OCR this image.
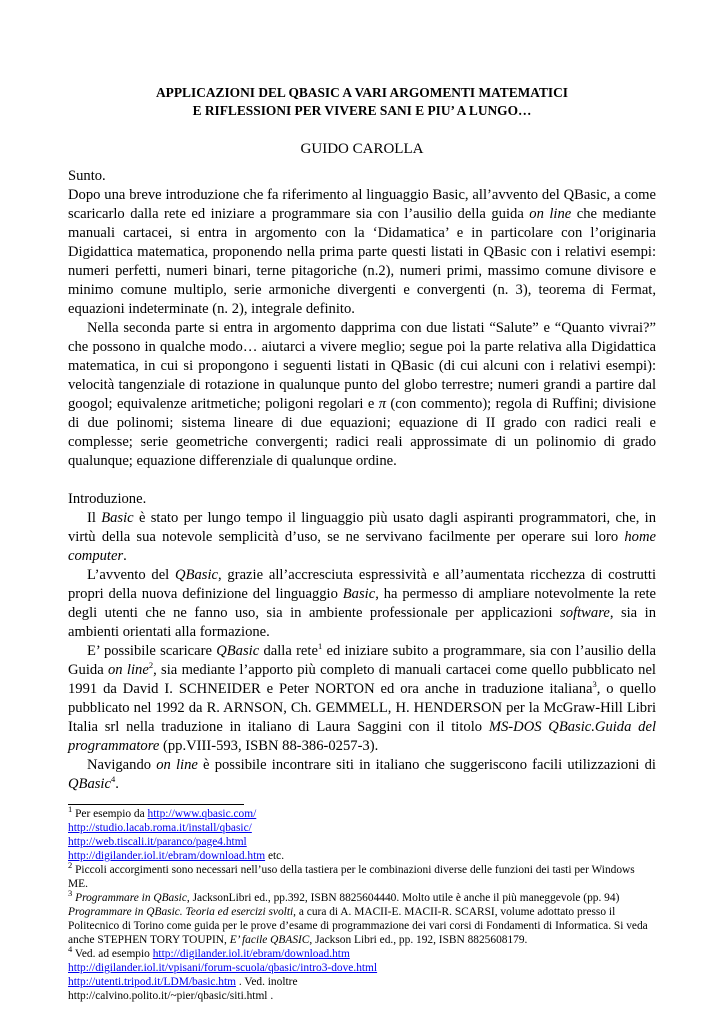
APPLICAZIONI DEL QBASIC A VARI ARGOMENTI MATEMATICI
E RIFLESSIONI PER VIVERE SANI E PIU’ A LUNGO…

GUIDO CAROLLA

Sunto.

Dopo una breve introduzione che fa riferimento al linguaggio Basic, all’avvento del QBasic, a come scaricarlo dalla rete ed iniziare a programmare sia con l’ausilio della guida on line che mediante manuali cartacei, si entra in argomento con la ‘Didamatica’ e in particolare con l’originaria Digidattica matematica, proponendo nella prima parte questi listati in QBasic con i relativi esempi: numeri perfetti, numeri binari, terne pitagoriche (n.2), numeri primi, massimo comune divisore e minimo comune multiplo, serie armoniche divergenti e convergenti (n. 3), teorema di Fermat, equazioni indeterminate (n. 2), integrale definito.

Nella seconda parte si entra in argomento dapprima con due listati “Salute” e “Quanto vivrai?” che possono in qualche modo… aiutarci a vivere meglio; segue poi la parte relativa alla Digidattica matematica, in cui si propongono i seguenti listati in QBasic (di cui alcuni con i relativi esempi): velocità tangenziale di rotazione in qualunque punto del globo terrestre; numeri grandi a partire dal googol; equivalenze aritmetiche; poligoni regolari e π (con commento); regola di Ruffini; divisione di due polinomi; sistema lineare di due equazioni; equazione di II grado con radici reali e complesse; serie geometriche convergenti; radici reali approssimate di un polinomio di grado qualunque; equazione differenziale di qualunque ordine.

Introduzione.

Il Basic è stato per lungo tempo il linguaggio più usato dagli aspiranti programmatori, che, in virtù della sua notevole semplicità d’uso, se ne servivano facilmente per operare sui loro home computer.

L’avvento del QBasic, grazie all’accresciuta espressività e all’aumentata ricchezza di costrutti propri della nuova definizione del linguaggio Basic, ha permesso di ampliare notevolmente la rete degli utenti che ne fanno uso, sia in ambiente professionale per applicazioni software, sia in ambienti orientati alla formazione.

E’ possibile scaricare QBasic dalla rete$^1$ ed iniziare subito a programmare, sia con l’ausilio della Guida on line$^2$, sia mediante l’apporto più completo di manuali cartacei come quello pubblicato nel 1991 da David I. SCHNEIDER e Peter NORTON ed ora anche in traduzione italiana$^3$, o quello pubblicato nel 1992 da R. ARNSON, Ch. GEMMELL, H. HENDERSON per la McGraw-Hill Libri Italia srl nella traduzione in italiano di Laura Saggini con il titolo MS-DOS QBasic.Guida del programmatore (pp.VIII-593, ISBN 88-386-0257-3).

Navigando on line è possibile incontrare siti in italiano che suggeriscono facili utilizzazioni di QBasic$^4$.

$^1$ Per esempio da http://www.qbasic.com/
http://studio.lacab.roma.it/install/qbasic/
http://web.tiscali.it/paranco/page4.html
http://digilander.iol.it/ebram/download.htm etc.

$^2$ Piccoli accorgimenti sono necessari nell’uso della tastiera per le combinazioni diverse delle funzioni dei tasti per Windows ME.

$^3$ Programmare in QBasic, JacksonLibri ed., pp.392, ISBN 8825604440. Molto utile è anche il più maneggevole (pp. 94) Programmare in QBasic. Teoria ed esercizi svolti, a cura di A. MACII-E. MACII-R. SCARSI, volume adottato presso il Politecnico di Torino come guida per le prove d’esame di programmazione dei vari corsi di Fondamenti di Informatica. Si veda anche STEPHEN TORY TOUPIN, E’ facile QBASIC, Jackson Libri ed., pp. 192, ISBN 8825608179.

$^4$ Ved. ad esempio http://digilander.iol.it/ebram/download.htm
http://digilander.iol.it/vpisani/forum-scuola/qbasic/intro3-dove.html
http://utenti.tripod.it/LDM/basic.htm . Ved. inoltre
http://calvino.polito.it/~pier/qbasic/siti.html .
